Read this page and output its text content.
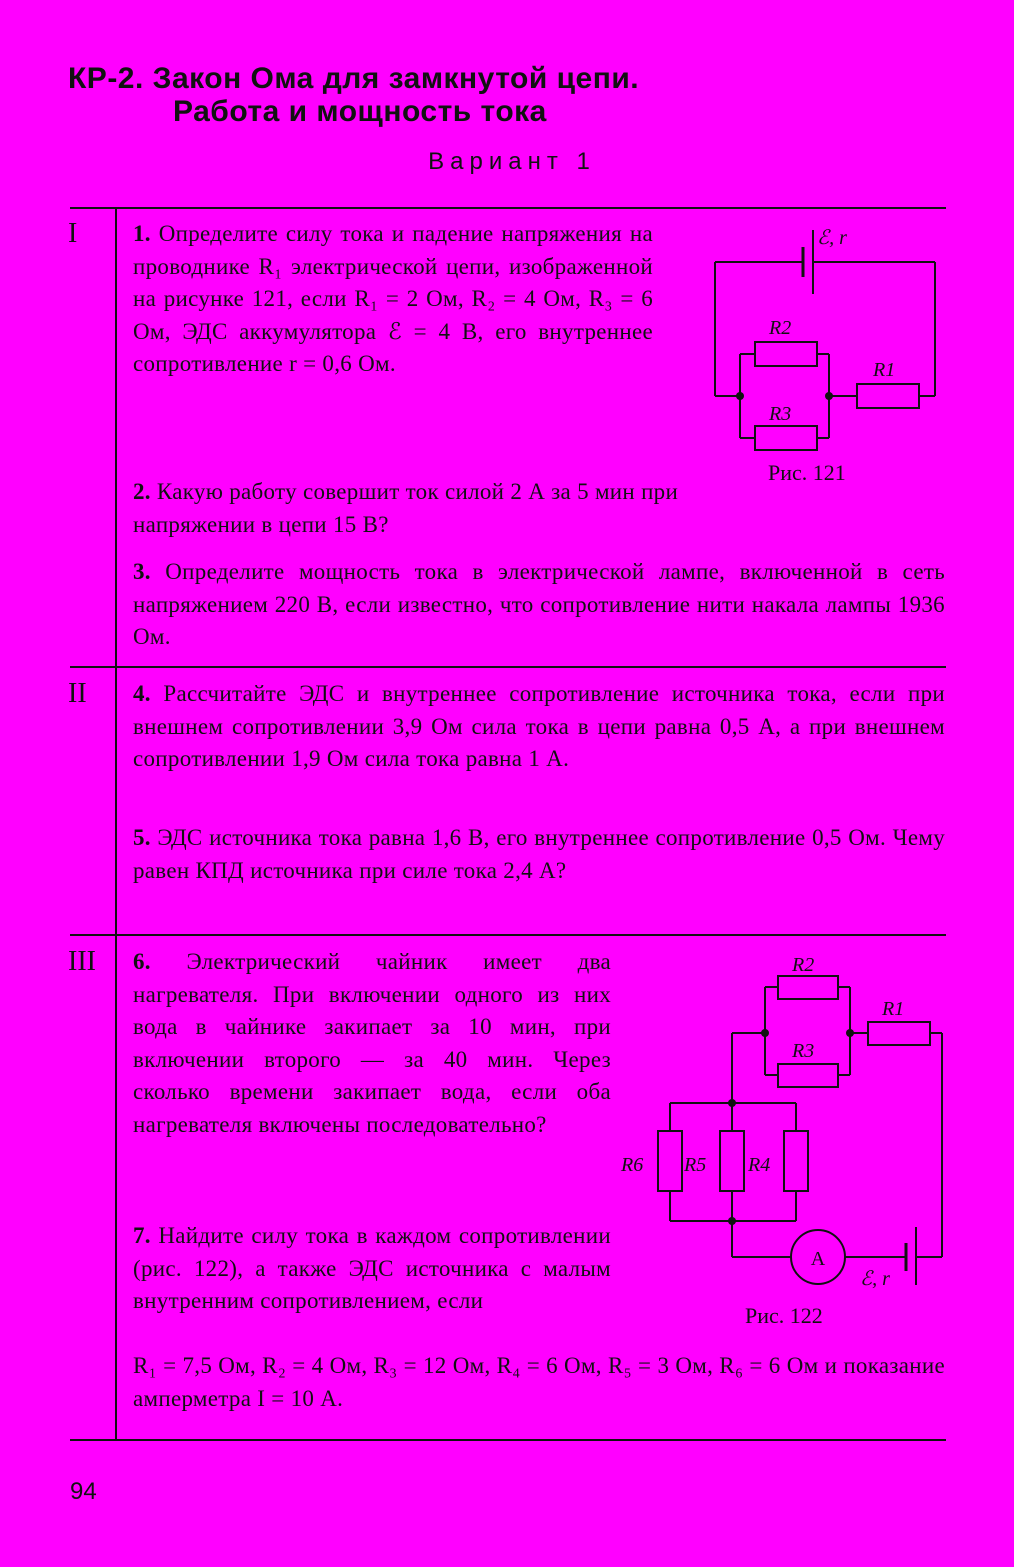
КР-2. Закон Ома для замкнутой цепи.
Работа и мощность тока
Вариант 1
I
II
III
1. Определите силу тока и падение напряжения на проводнике R₁ электрической цепи, изображенной на рисунке 121, если R₁ = 2 Ом, R₂ = 4 Ом, R₃ = 6 Ом, ЭДС аккумулятора ℰ = 4 В, его внутреннее сопротивление r = 0,6 Ом.
ℰ, r
R2
R3
R1
Рис. 121
2. Какую работу совершит ток силой 2 А за 5 мин при напряжении в цепи 15 В?
3. Определите мощность тока в электрической лампе, включенной в сеть напряжением 220 В, если известно, что сопротивление нити накала лампы 1936 Ом.
4. Рассчитайте ЭДС и внутреннее сопротивление источника тока, если при внешнем сопротивлении 3,9 Ом сила тока в цепи равна 0,5 А, а при внешнем сопротивлении 1,9 Ом сила тока равна 1 А.
5. ЭДС источника тока равна 1,6 В, его внутреннее сопротивление 0,5 Ом. Чему равен КПД источника при силе тока 2,4 А?
6. Электрический чайник имеет два нагревателя. При включении одного из них вода в чайнике закипает за 10 мин, при включении второго — за 40 мин. Через сколько времени закипает вода, если оба нагревателя включены последовательно?
R2
R1
R3
R6 R5 R4
A
ℰ, r
Рис. 122
7. Найдите силу тока в каждом сопротивлении (рис. 122), а также ЭДС источника с малым внутренним сопротивлением, если
R₁ = 7,5 Ом, R₂ = 4 Ом, R₃ = 12 Ом, R₄ = 6 Ом, R₅ = 3 Ом, R₆ = 6 Ом и показание амперметра I = 10 А.
94
